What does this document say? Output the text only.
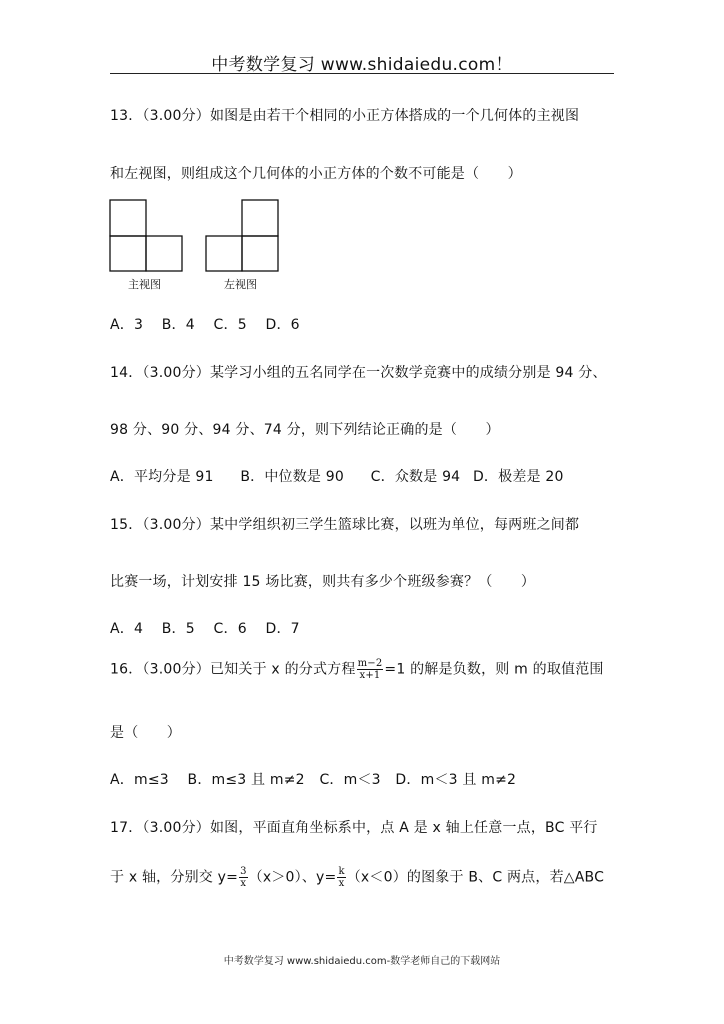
中考数学复习 www.shidaiedu.com！
13．（3.00分）如图是由若干个相同的小正方体搭成的一个几何体的主视图
和左视图，则组成这个几何体的小正方体的个数不可能是（　　）
主视图	左视图
A．3 B．4 C．5 D．6
14．（3.00分）某学习小组的五名同学在一次数学竞赛中的成绩分别是 94 分、
98 分、90 分、94 分、74 分，则下列结论正确的是（　　）
A．平均分是 91 B．中位数是 90 C．众数是 94 D．极差是 20
15．（3.00分）某中学组织初三学生篮球比赛，以班为单位，每两班之间都
比赛一场，计划安排 15 场比赛，则共有多少个班级参赛？（　　）
A．4 B．5 C．6 D．7
16．（3.00分）已知关于 x 的分式方程 $\frac{m-2}{x+1} =1$ 的解是负数，则 m 的取值范围
是（　　）
A．m≤3 B．m≤3 且 m≠2 C．m＜3 D．m＜3 且 m≠2
17．（3.00分）如图，平面直角坐标系中，点 A 是 x 轴上任意一点，BC 平行
于 x 轴，分别交 $y= \frac{3}{x} (x>0)$、$y= \frac{k}{x} (x<0)$的图象于 B、C 两点，若△ABC
中考数学复习 www.shidaiedu.com-数学老师自己的下载网站
